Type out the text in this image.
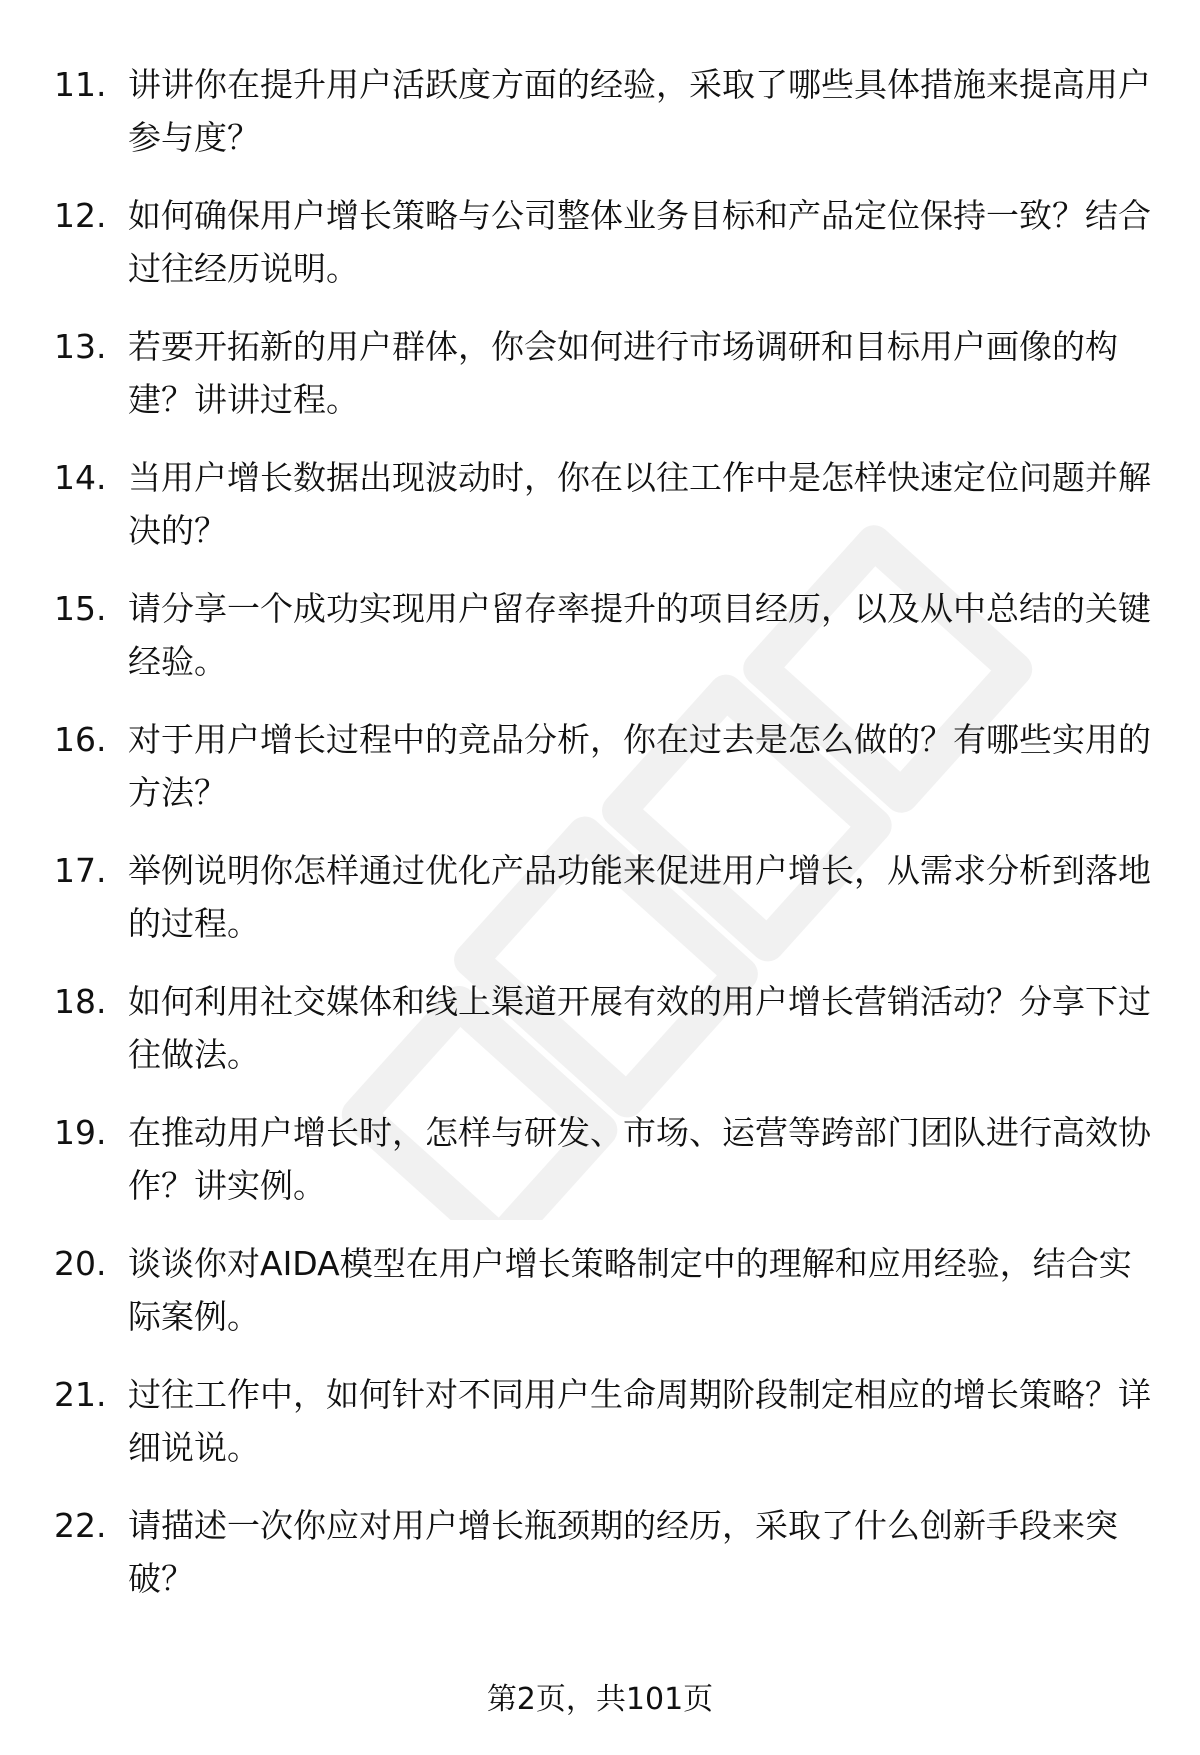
11. 讲讲你在提升用户活跃度方面的经验，采取了哪些具体措施来提高用户参与度？
12. 如何确保用户增长策略与公司整体业务目标和产品定位保持一致？结合过往经历说明。
13. 若要开拓新的用户群体，你会如何进行市场调研和目标用户画像的构建？讲讲过程。
14. 当用户增长数据出现波动时，你在以往工作中是怎样快速定位问题并解决的？
15. 请分享一个成功实现用户留存率提升的项目经历，以及从中总结的关键经验。
16. 对于用户增长过程中的竞品分析，你在过去是怎么做的？有哪些实用的方法？
17. 举例说明你怎样通过优化产品功能来促进用户增长，从需求分析到落地的过程。
18. 如何利用社交媒体和线上渠道开展有效的用户增长营销活动？分享下过往做法。
19. 在推动用户增长时，怎样与研发、市场、运营等跨部门团队进行高效协作？讲实例。
20. 谈谈你对AIDA模型在用户增长策略制定中的理解和应用经验，结合实际案例。
21. 过往工作中，如何针对不同用户生命周期阶段制定相应的增长策略？详细说说。
22. 请描述一次你应对用户增长瓶颈期的经历，采取了什么创新手段来突破？
第2页，共101页
